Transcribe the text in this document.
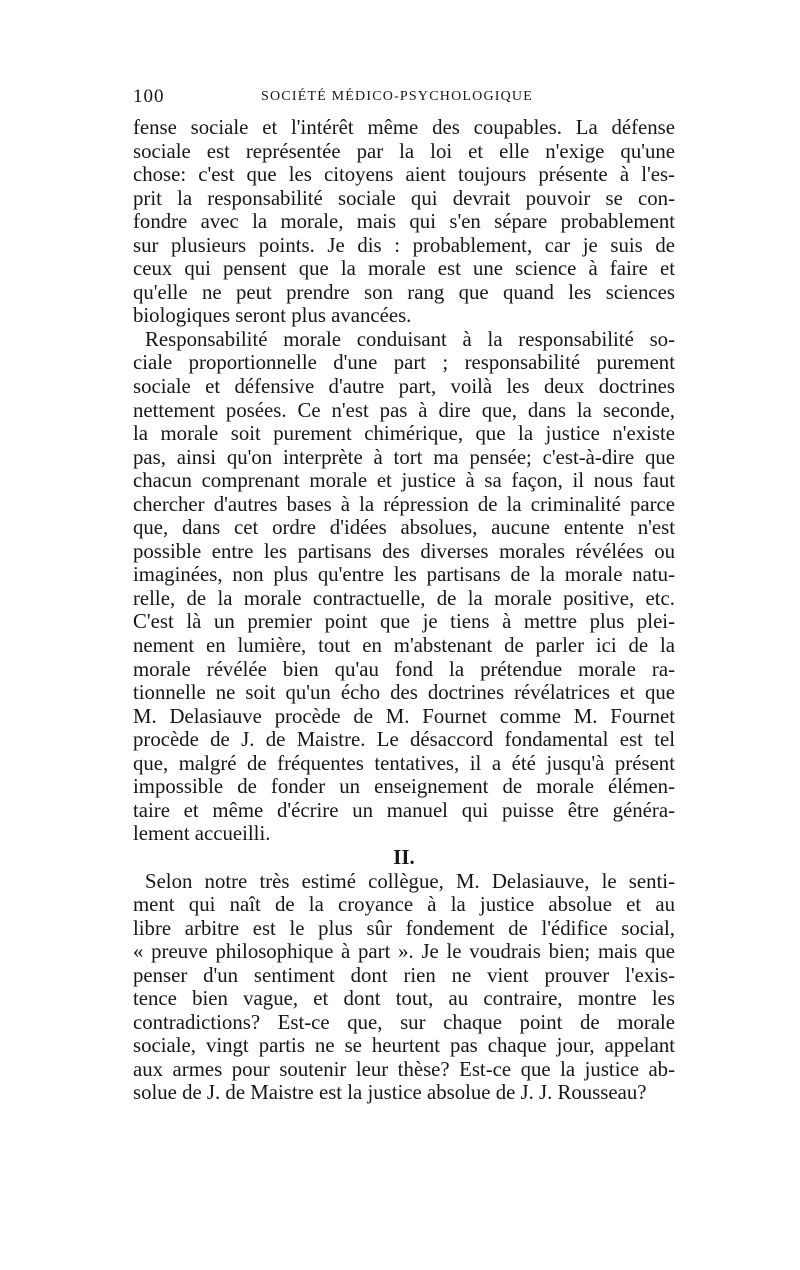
100	SOCIÉTÉ MÉDICO-PSYCHOLOGIQUE
fense sociale et l'intérêt même des coupables. La défense
sociale est représentée par la loi et elle n'exige qu'une
chose: c'est que les citoyens aient toujours présente à l'es-
prit la responsabilité sociale qui devrait pouvoir se con-
fondre avec la morale, mais qui s'en sépare probablement
sur plusieurs points. Je dis : probablement, car je suis de
ceux qui pensent que la morale est une science à faire et
qu'elle ne peut prendre son rang que quand les sciences
biologiques seront plus avancées.
Responsabilité morale conduisant à la responsabilité so-
ciale proportionnelle d'une part ; responsabilité purement
sociale et défensive d'autre part, voilà les deux doctrines
nettement posées. Ce n'est pas à dire que, dans la seconde,
la morale soit purement chimérique, que la justice n'existe
pas, ainsi qu'on interprète à tort ma pensée; c'est-à-dire que
chacun comprenant morale et justice à sa façon, il nous faut
chercher d'autres bases à la répression de la criminalité parce
que, dans cet ordre d'idées absolues, aucune entente n'est
possible entre les partisans des diverses morales révélées ou
imaginées, non plus qu'entre les partisans de la morale natu-
relle, de la morale contractuelle, de la morale positive, etc.
C'est là un premier point que je tiens à mettre plus plei-
nement en lumière, tout en m'abstenant de parler ici de la
morale révélée bien qu'au fond la prétendue morale ra-
tionnelle ne soit qu'un écho des doctrines révélatrices et que
M. Delasiauve procède de M. Fournet comme M. Fournet
procède de J. de Maistre. Le désaccord fondamental est tel
que, malgré de fréquentes tentatives, il a été jusqu'à présent
impossible de fonder un enseignement de morale élémen-
taire et même d'écrire un manuel qui puisse être généra-
lement accueilli.
II.
Selon notre très estimé collègue, M. Delasiauve, le senti-
ment qui naît de la croyance à la justice absolue et au
libre arbitre est le plus sûr fondement de l'édifice social,
« preuve philosophique à part ». Je le voudrais bien; mais que
penser d'un sentiment dont rien ne vient prouver l'exis-
tence bien vague, et dont tout, au contraire, montre les
contradictions? Est-ce que, sur chaque point de morale
sociale, vingt partis ne se heurtent pas chaque jour, appelant
aux armes pour soutenir leur thèse? Est-ce que la justice ab-
solue de J. de Maistre est la justice absolue de J. J. Rousseau?
